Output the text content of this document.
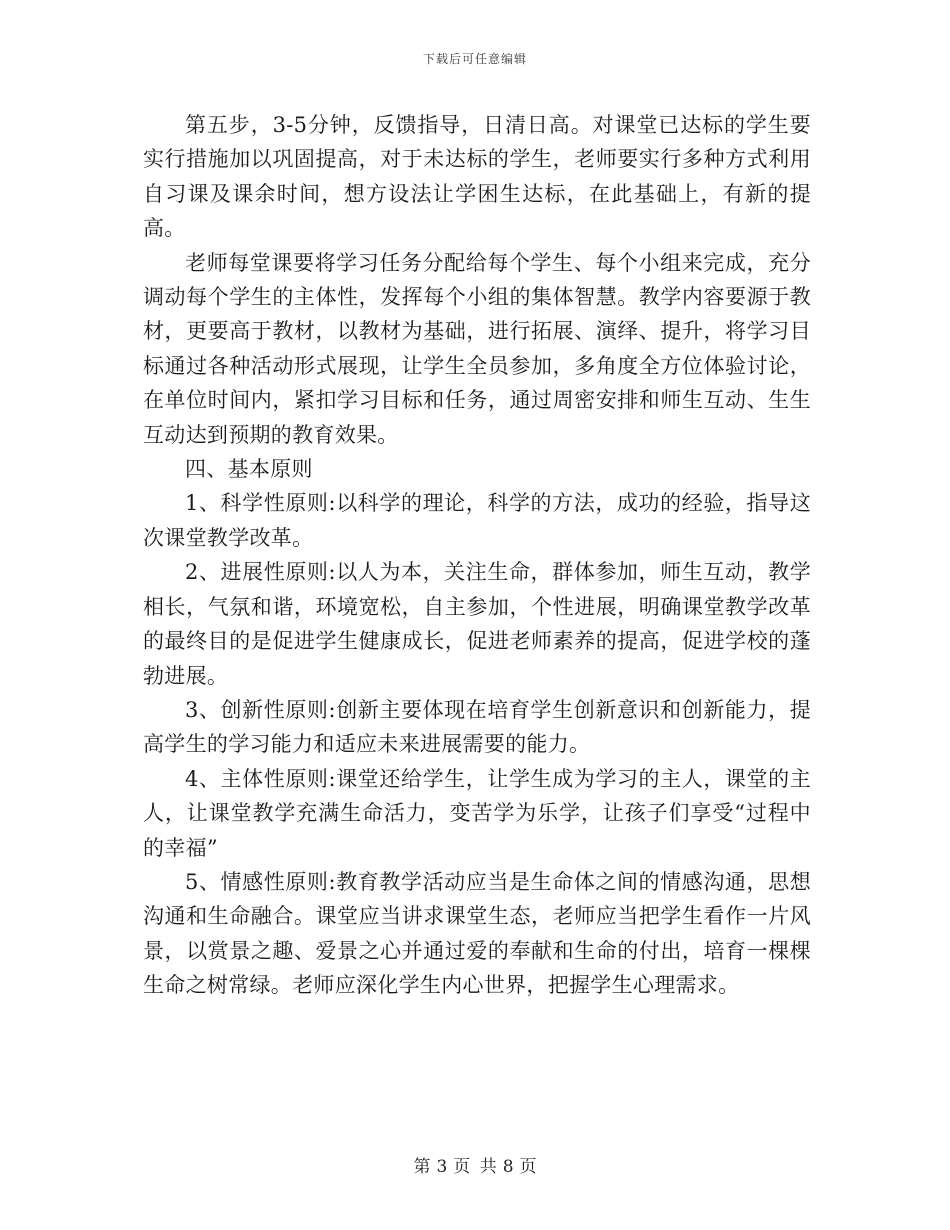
下载后可任意编辑

第五步，3-5分钟，反馈指导，日清日高。对课堂已达标的学生要实行措施加以巩固提高，对于未达标的学生，老师要实行多种方式利用自习课及课余时间，想方设法让学困生达标，在此基础上，有新的提高。

老师每堂课要将学习任务分配给每个学生、每个小组来完成，充分调动每个学生的主体性，发挥每个小组的集体智慧。教学内容要源于教材，更要高于教材，以教材为基础，进行拓展、演绎、提升，将学习目标通过各种活动形式展现，让学生全员参加，多角度全方位体验讨论，在单位时间内，紧扣学习目标和任务，通过周密安排和师生互动、生生互动达到预期的教育效果。

四、基本原则

1、科学性原则:以科学的理论，科学的方法，成功的经验，指导这次课堂教学改革。

2、进展性原则:以人为本，关注生命，群体参加，师生互动，教学相长，气氛和谐，环境宽松，自主参加，个性进展，明确课堂教学改革的最终目的是促进学生健康成长，促进老师素养的提高，促进学校的蓬勃进展。

3、创新性原则:创新主要体现在培育学生创新意识和创新能力，提高学生的学习能力和适应未来进展需要的能力。

4、主体性原则:课堂还给学生，让学生成为学习的主人，课堂的主人，让课堂教学充满生命活力，变苦学为乐学，让孩子们享受“过程中的幸福”

5、情感性原则:教育教学活动应当是生命体之间的情感沟通，思想沟通和生命融合。课堂应当讲求课堂生态，老师应当把学生看作一片风景，以赏景之趣、爱景之心并通过爱的奉献和生命的付出，培育一棵棵生命之树常绿。老师应深化学生内心世界，把握学生心理需求。

第 3 页 共 8 页
